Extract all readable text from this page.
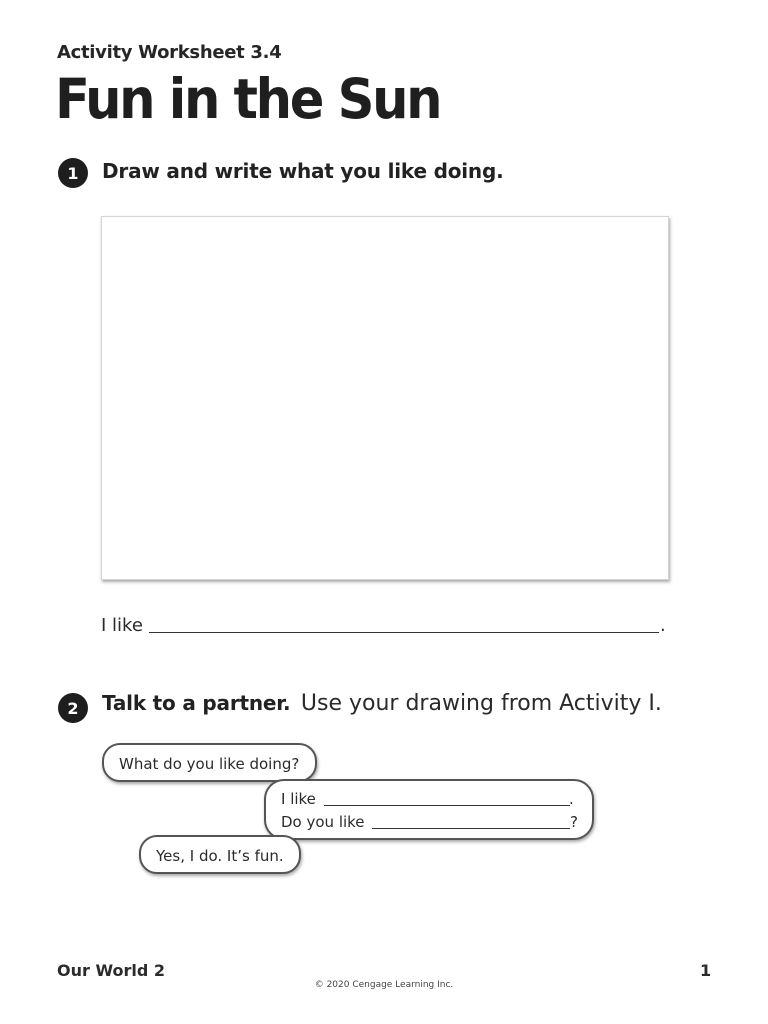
Activity Worksheet 3.4
Fun in the Sun
1	Draw and write what you like doing.
I like	.
2	Talk to a partner. Use your drawing from Activity I.
What do you like doing?
I like	.
Do you like	?
Yes, I do. It’s fun.
Our World 2	1
© 2020 Cengage Learning Inc.
